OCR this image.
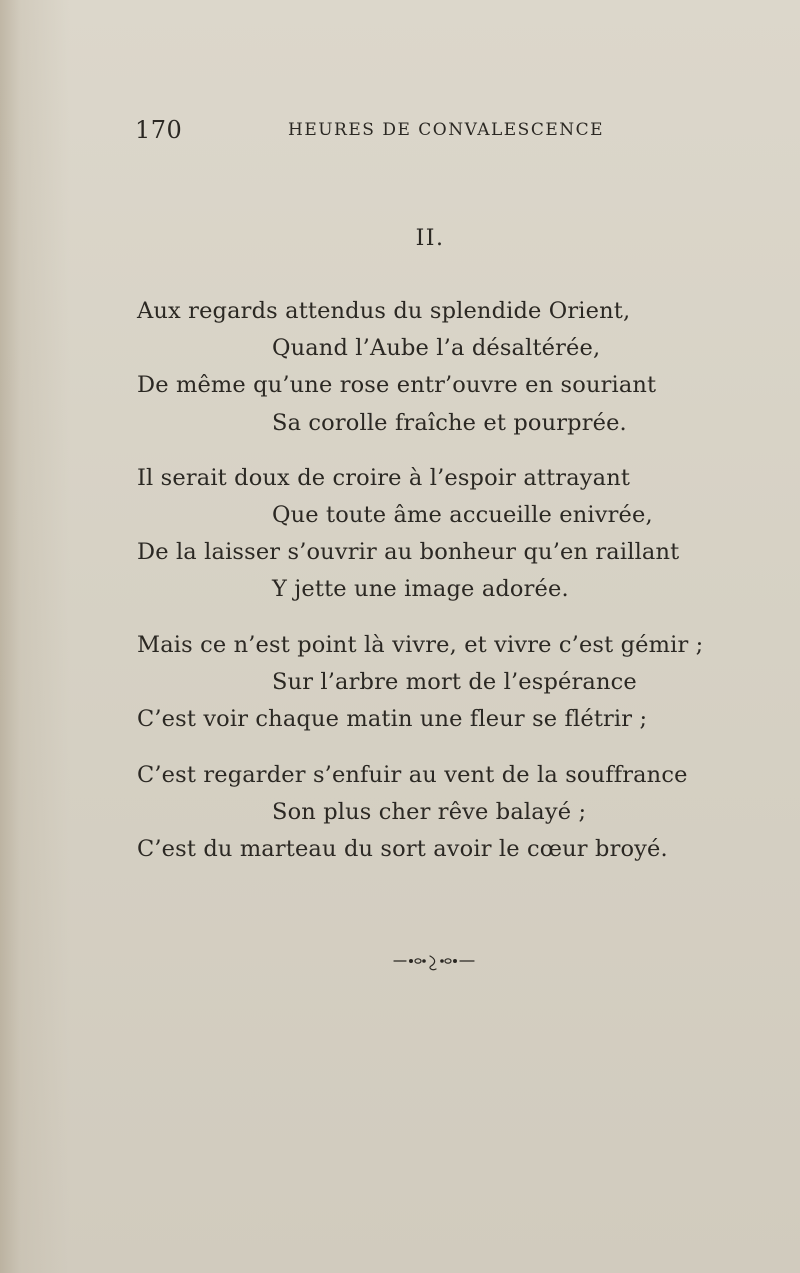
170	HEURES DE CONVALESCENCE
II.
Aux regards attendus du splendide Orient,
Quand l’Aube l’a désaltérée,
De même qu’une rose entr’ouvre en souriant
Sa corolle fraîche et pourprée.
Il serait doux de croire à l’espoir attrayant
Que toute âme accueille enivrée,
De la laisser s’ouvrir au bonheur qu’en raillant
Y jette une image adorée.
Mais ce n’est point là vivre, et vivre c’est gémir ;
Sur l’arbre mort de l’espérance
C’est voir chaque matin une fleur se flétrir ;
C’est regarder s’enfuir au vent de la souffrance
Son plus cher rêve balayé ;
C’est du marteau du sort avoir le cœur broyé.
